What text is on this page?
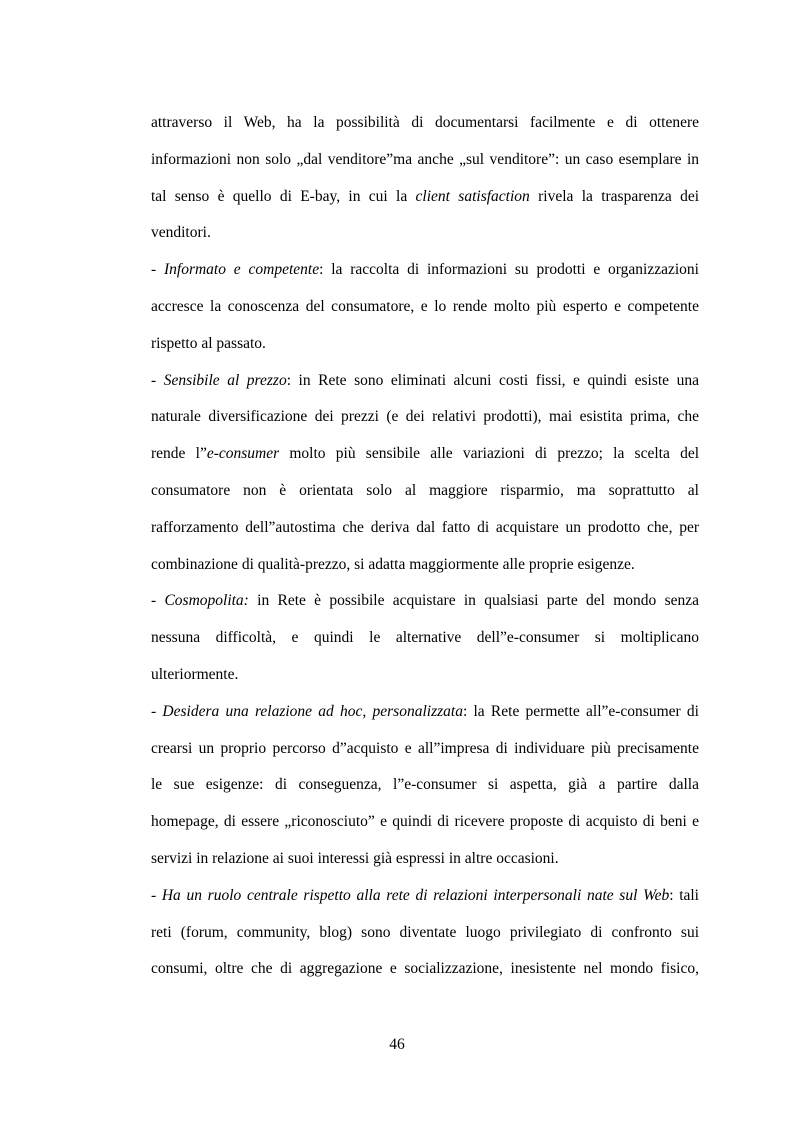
attraverso il Web, ha la possibilità di documentarsi facilmente e di ottenere
informazioni non solo „dal venditore”ma anche „sul venditore”: un caso esemplare in
tal senso è quello di E-bay, in cui la client satisfaction rivela la trasparenza dei
venditori.
- Informato e competente: la raccolta di informazioni su prodotti e organizzazioni
accresce la conoscenza del consumatore, e lo rende molto più esperto e competente
rispetto al passato.
- Sensibile al prezzo: in Rete sono eliminati alcuni costi fissi, e quindi esiste una
naturale diversificazione dei prezzi (e dei relativi prodotti), mai esistita prima, che
rende l”e-consumer molto più sensibile alle variazioni di prezzo; la scelta del
consumatore non è orientata solo al maggiore risparmio, ma soprattutto al
rafforzamento dell”autostima che deriva dal fatto di acquistare un prodotto che, per
combinazione di qualità-prezzo, si adatta maggiormente alle proprie esigenze.
- Cosmopolita: in Rete è possibile acquistare in qualsiasi parte del mondo senza
nessuna difficoltà, e quindi le alternative dell”e-consumer si moltiplicano
ulteriormente.
- Desidera una relazione ad hoc, personalizzata: la Rete permette all”e-consumer di
crearsi un proprio percorso d”acquisto e all”impresa di individuare più precisamente
le sue esigenze: di conseguenza, l”e-consumer si aspetta, già a partire dalla
homepage, di essere „riconosciuto” e quindi di ricevere proposte di acquisto di beni e
servizi in relazione ai suoi interessi già espressi in altre occasioni.
- Ha un ruolo centrale rispetto alla rete di relazioni interpersonali nate sul Web: tali
reti (forum, community, blog) sono diventate luogo privilegiato di confronto sui
consumi, oltre che di aggregazione e socializzazione, inesistente nel mondo fisico,
46
